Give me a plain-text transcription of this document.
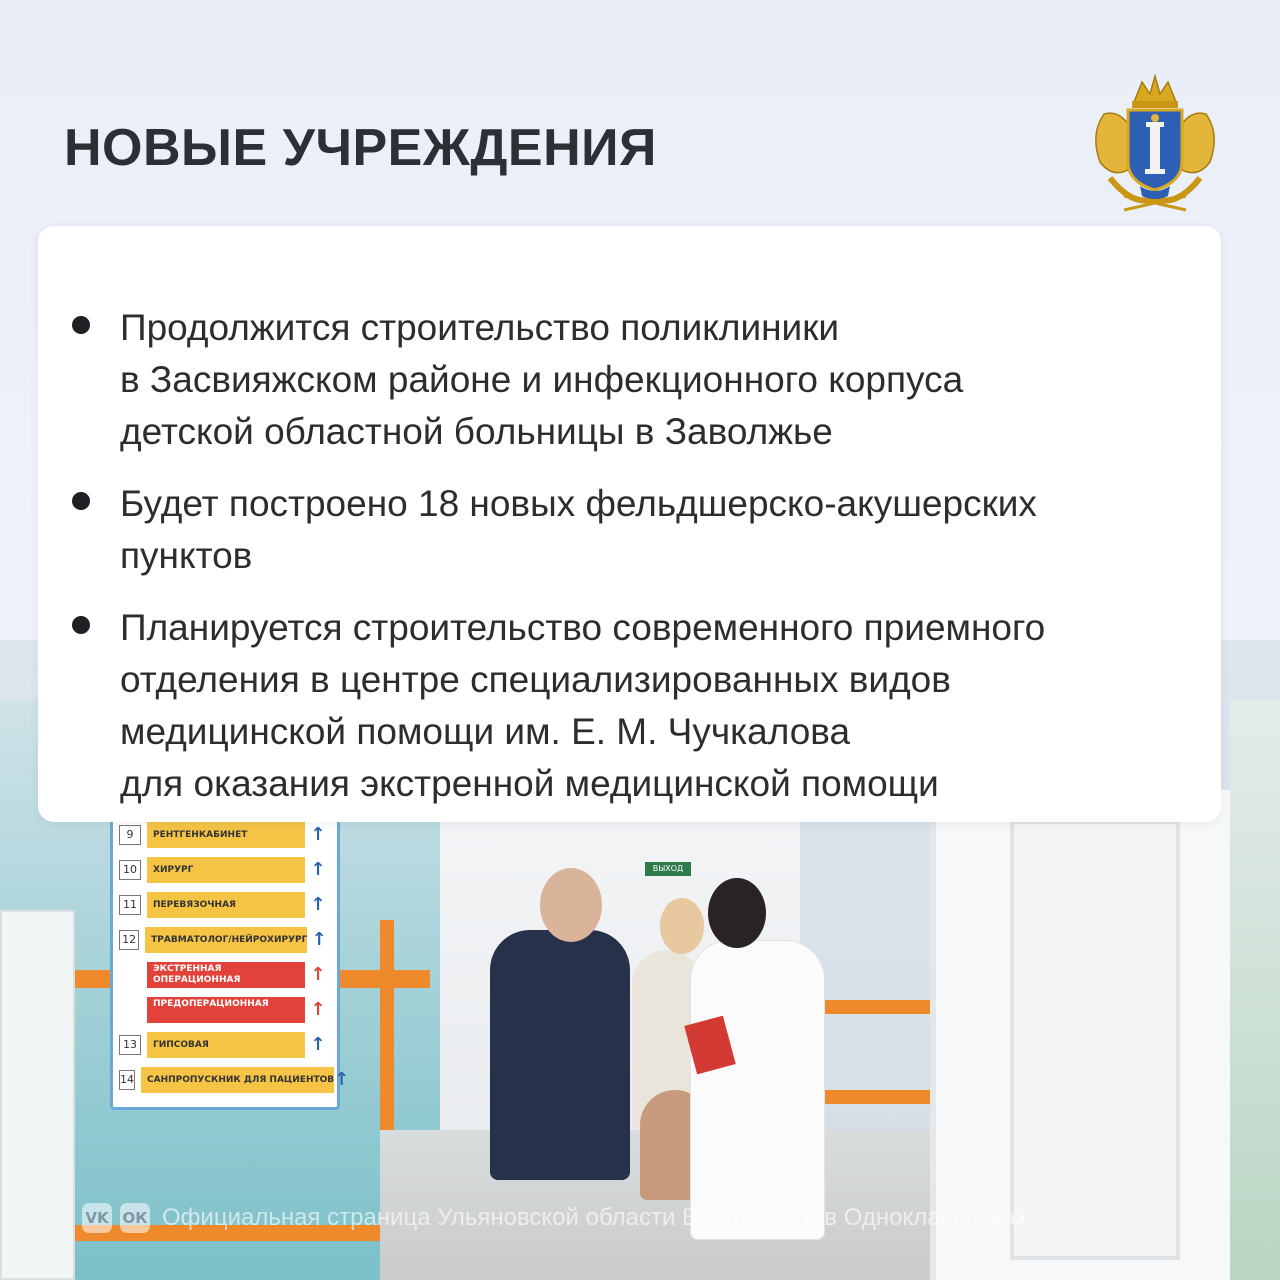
ВЫХОД
9	РЕНТГЕНКАБИНЕТ	↑
10	ХИРУРГ	↑
11	ПЕРЕВЯЗОЧНАЯ	↑
12	ТРАВМАТОЛОГ/НЕЙРОХИРУРГ ↑
ЭКСТРЕННАЯ ОПЕРАЦИОННАЯ	↑
ПРЕДОПЕРАЦИОННАЯ	↑
13	ГИПСОВАЯ	↑
14	САНПРОПУСКНИК ДЛЯ ПАЦИЕНТОВ ↑
НОВЫЕ УЧРЕЖДЕНИЯ
Продолжится строительство поликлиники
в Засвияжском районе и инфекционного корпуса
детской областной больницы в Заволжье
Будет построено 18 новых фельдшерско-акушерских
пунктов
Планируется строительство современного приемного
отделения в центре специализированных видов
медицинской помощи им. Е. М. Чучкалова
для оказания экстренной медицинской помощи
VK ОК Официальная страница Ульяновской области ВКонтакте и в Одноклассниках
